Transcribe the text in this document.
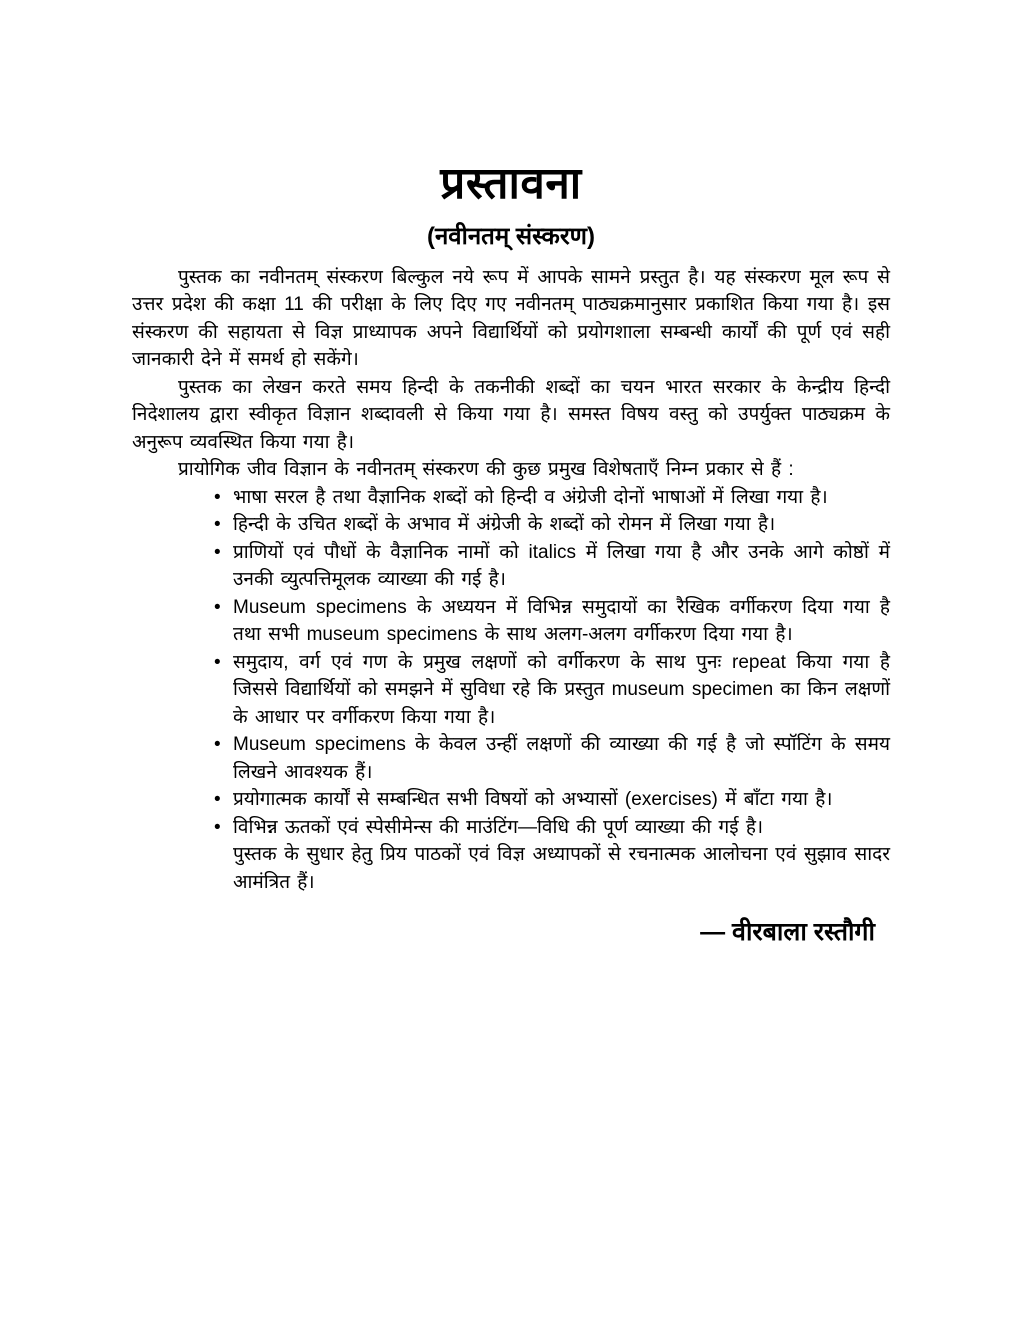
प्रस्तावना
(नवीनतम् संस्करण)

पुस्तक का नवीनतम् संस्करण बिल्कुल नये रूप में आपके सामने प्रस्तुत है। यह संस्करण मूल रूप से उत्तर प्रदेश की कक्षा 11 की परीक्षा के लिए दिए गए नवीनतम् पाठ्यक्रमानुसार प्रकाशित किया गया है। इस संस्करण की सहायता से विज्ञ प्राध्यापक अपने विद्यार्थियों को प्रयोगशाला सम्बन्धी कार्यों की पूर्ण एवं सही जानकारी देने में समर्थ हो सकेंगे।

पुस्तक का लेखन करते समय हिन्दी के तकनीकी शब्दों का चयन भारत सरकार के केन्द्रीय हिन्दी निदेशालय द्वारा स्वीकृत विज्ञान शब्दावली से किया गया है। समस्त विषय वस्तु को उपर्युक्त पाठ्यक्रम के अनुरूप व्यवस्थित किया गया है।

प्रायोगिक जीव विज्ञान के नवीनतम् संस्करण की कुछ प्रमुख विशेषताएँ निम्न प्रकार से हैं :

• भाषा सरल है तथा वैज्ञानिक शब्दों को हिन्दी व अंग्रेजी दोनों भाषाओं में लिखा गया है।
• हिन्दी के उचित शब्दों के अभाव में अंग्रेजी के शब्दों को रोमन में लिखा गया है।
• प्राणियों एवं पौधों के वैज्ञानिक नामों को italics में लिखा गया है और उनके आगे कोष्ठों में उनकी व्युत्पत्तिमूलक व्याख्या की गई है।
• Museum specimens के अध्ययन में विभिन्न समुदायों का रैखिक वर्गीकरण दिया गया है तथा सभी museum specimens के साथ अलग-अलग वर्गीकरण दिया गया है।
• समुदाय, वर्ग एवं गण के प्रमुख लक्षणों को वर्गीकरण के साथ पुनः repeat किया गया है जिससे विद्यार्थियों को समझने में सुविधा रहे कि प्रस्तुत museum specimen का किन लक्षणों के आधार पर वर्गीकरण किया गया है।
• Museum specimens के केवल उन्हीं लक्षणों की व्याख्या की गई है जो स्पॉटिंग के समय लिखने आवश्यक हैं।
• प्रयोगात्मक कार्यों से सम्बन्धित सभी विषयों को अभ्यासों (exercises) में बाँटा गया है।
• विभिन्न ऊतकों एवं स्पेसीमेन्स की माउंटिंग—विधि की पूर्ण व्याख्या की गई है।

पुस्तक के सुधार हेतु प्रिय पाठकों एवं विज्ञ अध्यापकों से रचनात्मक आलोचना एवं सुझाव सादर आमंत्रित हैं।

— वीरबाला रस्तौगी
